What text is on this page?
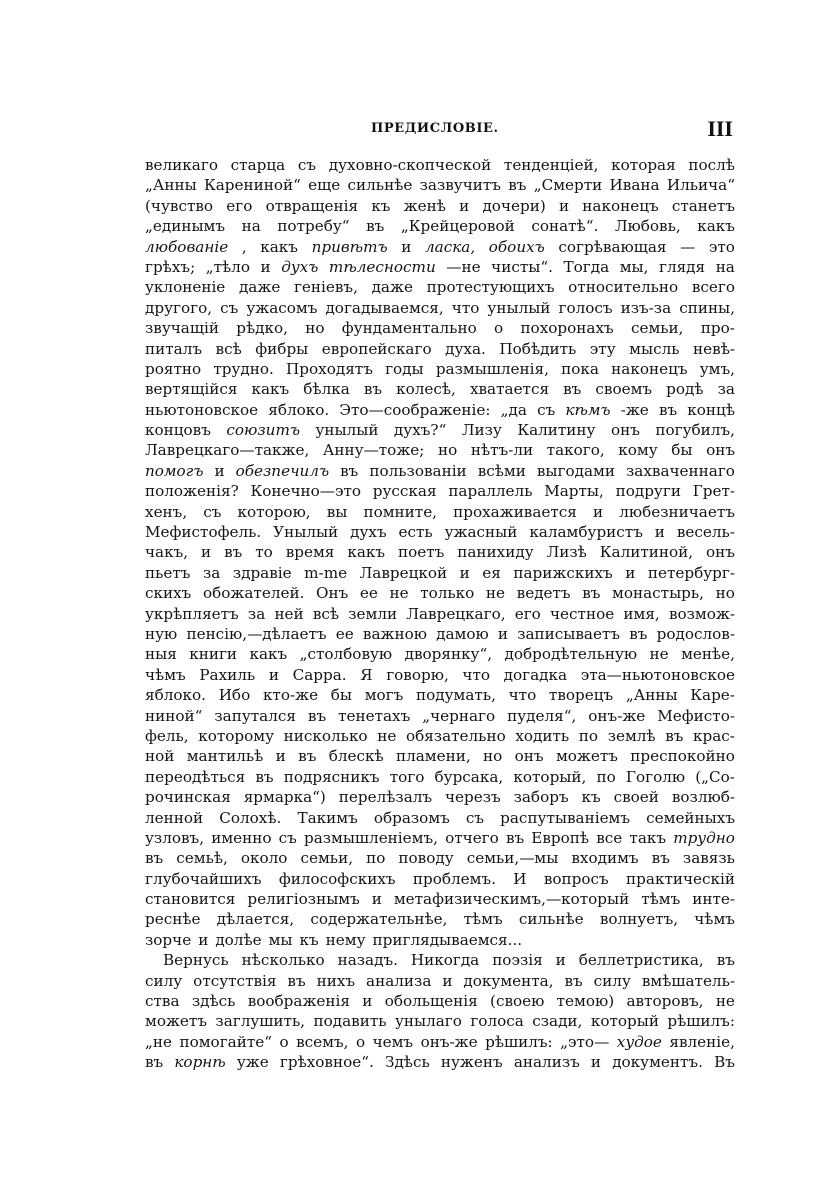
ПРЕДИСЛОВІЕ.	III
великаго старца съ духовно-скопческой тенденціей, которая послѣ
„Анны Карениной“ еще сильнѣе зазвучитъ въ „Смерти Ивана Ильича“
(чувство его отвращенія къ женѣ и дочери) и наконецъ станетъ
„единымъ на потребу“ въ „Крейцеровой сонатѣ“. Любовь, какъ
любованіе , какъ привѣтъ и ласка, обоихъ согрѣвающая — это
грѣхъ; „тѣло и духъ тѣлесности —не чисты“. Тогда мы, глядя на
уклоненіе даже геніевъ, даже протестующихъ относительно всего
другого, съ ужасомъ догадываемся, что унылый голосъ изъ-за спины,
звучащій рѣдко, но фундаментально о похоронахъ семьи, про-
питалъ всѣ фибры европейскаго духа. Побѣдить эту мысль невѣ-
роятно трудно. Проходятъ годы размышленія, пока наконецъ умъ,
вертящійся какъ бѣлка въ колесѣ, хватается въ своемъ родѣ за
ньютоновское яблоко. Это—соображеніе: „да съ кѣмъ -же въ концѣ
концовъ союзитъ унылый духъ?“ Лизу Калитину онъ погубилъ,
Лаврецкаго—также, Анну—тоже; но нѣтъ-ли такого, кому бы онъ
помогъ и обезпечилъ въ пользованіи всѣми выгодами захваченнаго
положенія? Конечно—это русская параллель Марты, подруги Грет-
хенъ, съ которою, вы помните, прохаживается и любезничаетъ
Мефистофель. Унылый духъ есть ужасный каламбуристъ и весель-
чакъ, и въ то время какъ поетъ панихиду Лизѣ Калитиной, онъ
пьетъ за здравіе m-me Лаврецкой и ея парижскихъ и петербург-
скихъ обожателей. Онъ ее не только не ведетъ въ монастырь, но
укрѣпляетъ за ней всѣ земли Лаврецкаго, его честное имя, возмож-
ную пенсію,—дѣлаетъ ее важною дамою и записываетъ въ родослов-
ныя книги какъ „столбовую дворянку“, добродѣтельную не менѣе,
чѣмъ Рахиль и Сарра. Я говорю, что догадка эта—ньютоновское
яблоко. Ибо кто-же бы могъ подумать, что творецъ „Анны Каре-
ниной“ запутался въ тенетахъ „чернаго пуделя“, онъ-же Мефисто-
фель, которому нисколько не обязательно ходить по землѣ въ крас-
ной мантильѣ и въ блескѣ пламени, но онъ можетъ преспокойно
переодѣться въ подрясникъ того бурсака, который, по Гоголю („Со-
рочинская ярмарка“) перелѣзалъ черезъ заборъ къ своей возлюб-
ленной Солохѣ. Такимъ образомъ съ распутываніемъ семейныхъ
узловъ, именно съ размышленіемъ, отчего въ Европѣ все такъ трудно
въ семьѣ, около семьи, по поводу семьи,—мы входимъ въ завязь
глубочайшихъ философскихъ проблемъ. И вопросъ практическій
становится религіознымъ и метафизическимъ,—который тѣмъ инте-
реснѣе дѣлается, содержательнѣе, тѣмъ сильнѣе волнуетъ, чѣмъ
зорче и долѣе мы къ нему приглядываемся...
Вернусь нѣсколько назадъ. Никогда поэзія и беллетристика, въ
силу отсутствія въ нихъ анализа и документа, въ силу вмѣшатель-
ства здѣсь воображенія и обольщенія (своею темою) авторовъ, не
можетъ заглушить, подавить унылаго голоса сзади, который рѣшилъ:
„не помогайте“ о всемъ, о чемъ онъ-же рѣшилъ: „это— худое явленіе,
въ корнѣ уже грѣховное“. Здѣсь нуженъ анализъ и документъ. Въ
